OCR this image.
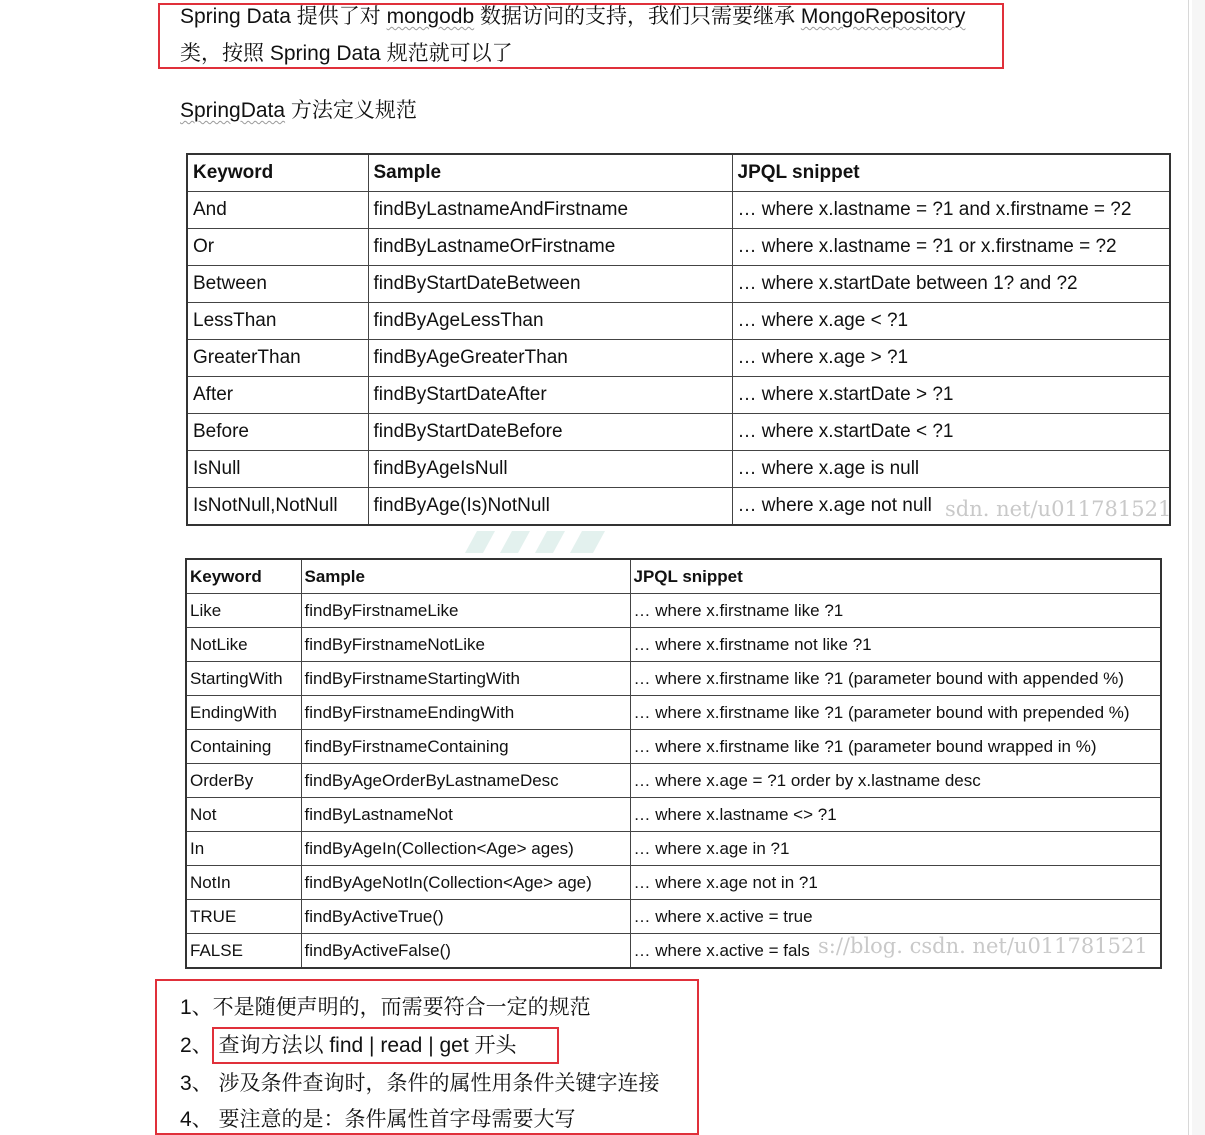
Spring Data 提供了对 mongodb 数据访问的支持，我们只需要继承 MongoRepository
类，按照 Spring Data 规范就可以了
SpringData 方法定义规范
Keyword	Sample	JPQL snippet
And	findByLastnameAndFirstname	… where x.lastname = ?1 and x.firstname = ?2
Or	findByLastnameOrFirstname	… where x.lastname = ?1 or x.firstname = ?2
Between	findByStartDateBetween	… where x.startDate between 1? and ?2
LessThan	findByAgeLessThan	… where x.age < ?1
GreaterThan	findByAgeGreaterThan	… where x.age > ?1
After	findByStartDateAfter	… where x.startDate > ?1
Before	findByStartDateBefore	… where x.startDate < ?1
IsNull	findByAgeIsNull	… where x.age is null
IsNotNull,NotNull	findByAge(Is)NotNull	… where x.age not null
Keyword	Sample	JPQL snippet
Like	findByFirstnameLike	… where x.firstname like ?1
NotLike	findByFirstnameNotLike	… where x.firstname not like ?1
StartingWith	findByFirstnameStartingWith	… where x.firstname like ?1 (parameter bound with appended %)
EndingWith	findByFirstnameEndingWith	… where x.firstname like ?1 (parameter bound with prepended %)
Containing	findByFirstnameContaining	… where x.firstname like ?1 (parameter bound wrapped in %)
OrderBy	findByAgeOrderByLastnameDesc	… where x.age = ?1 order by x.lastname desc
Not	findByLastnameNot	… where x.lastname <> ?1
In	findByAgeIn(Collection<Age> ages)	… where x.age in ?1
NotIn	findByAgeNotIn(Collection<Age> age)	… where x.age not in ?1
TRUE	findByActiveTrue()	… where x.active = true
FALSE	findByActiveFalse()	… where x.active = fals
sdn. net/u011781521
s://blog. csdn. net/u011781521
1、不是随便声明的，而需要符合一定的规范
2、 查询方法以 find | read | get 开头
3、 涉及条件查询时，条件的属性用条件关键字连接
4、 要注意的是：条件属性首字母需要大写
